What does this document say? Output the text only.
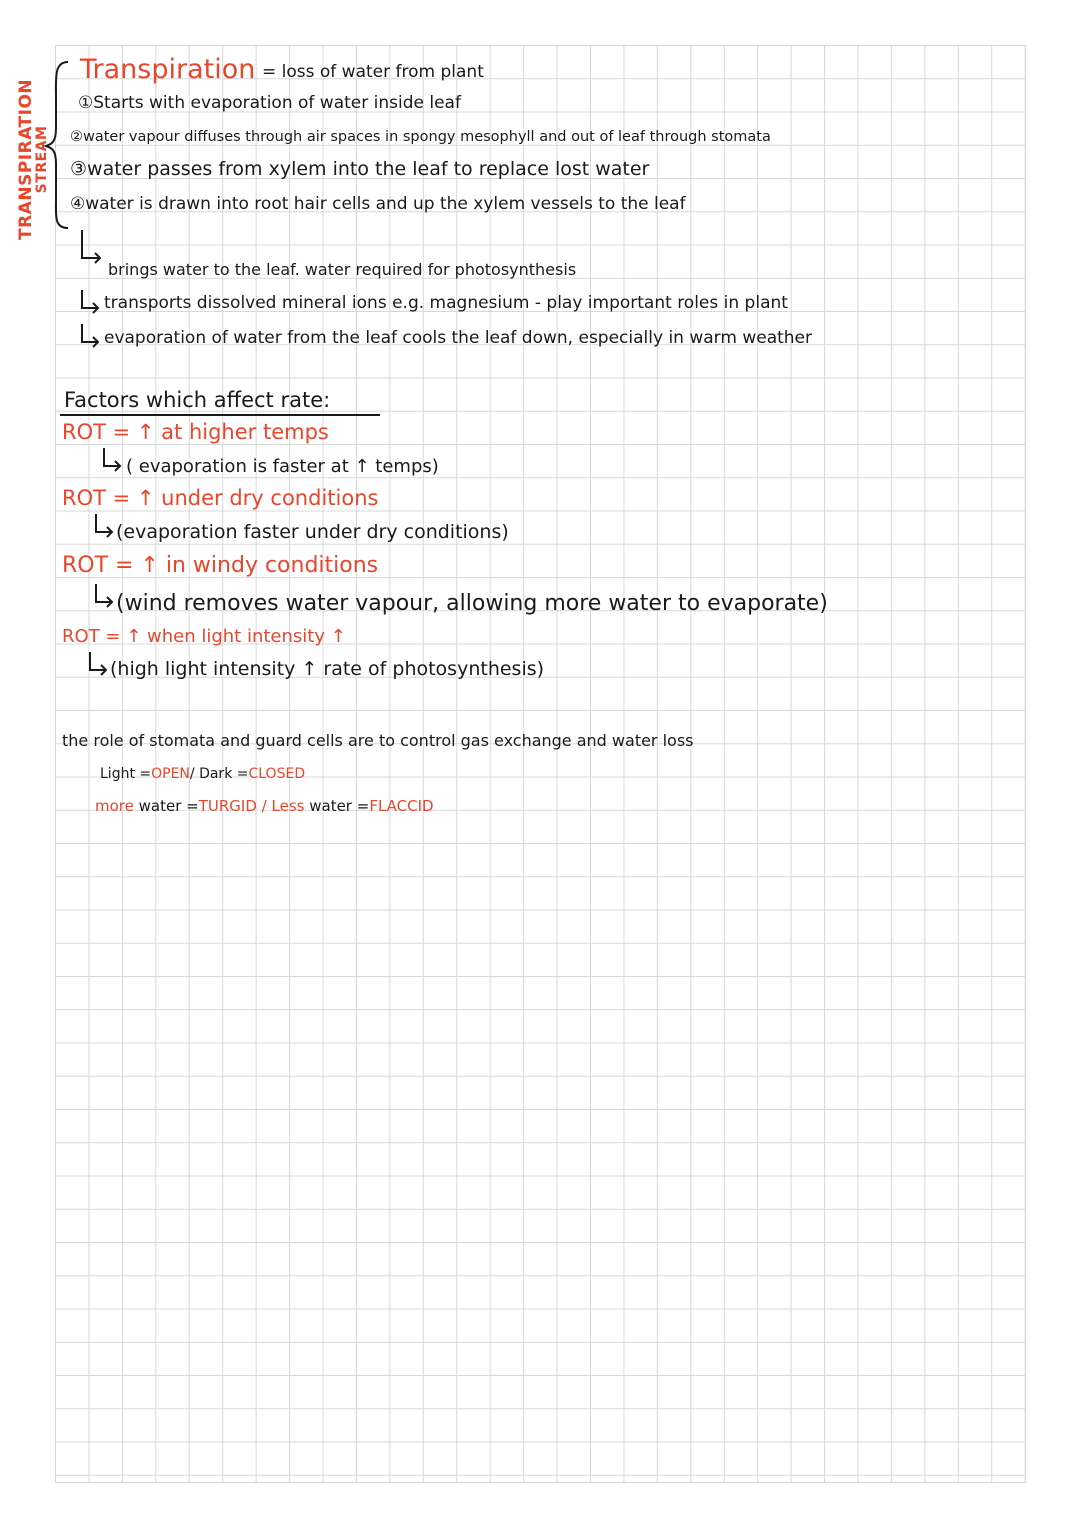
TRANSPIRATION
STREAM
Transpiration = loss of water from plant
①Starts with evaporation of water inside leaf
②water vapour diffuses through air spaces in spongy mesophyll and out of leaf through stomata
③water passes from xylem into the leaf to replace lost water
④water is drawn into root hair cells and up the xylem vessels to the leaf
brings water to the leaf. water required for photosynthesis
transports dissolved mineral ions e.g. magnesium - play important roles in plant
evaporation of water from the leaf cools the leaf down, especially in warm weather
Factors which affect rate:
ROT = ↑ at higher temps
( evaporation is faster at ↑ temps)
ROT = ↑ under dry conditions
(evaporation faster under dry conditions)
ROT = ↑ in windy conditions
(wind removes water vapour, allowing more water to evaporate)
ROT = ↑ when light intensity ↑
(high light intensity ↑ rate of photosynthesis)
the role of stomata and guard cells are to control gas exchange and water loss
Light =OPEN/ Dark =CLOSED
more water =TURGID / Less water =FLACCID
